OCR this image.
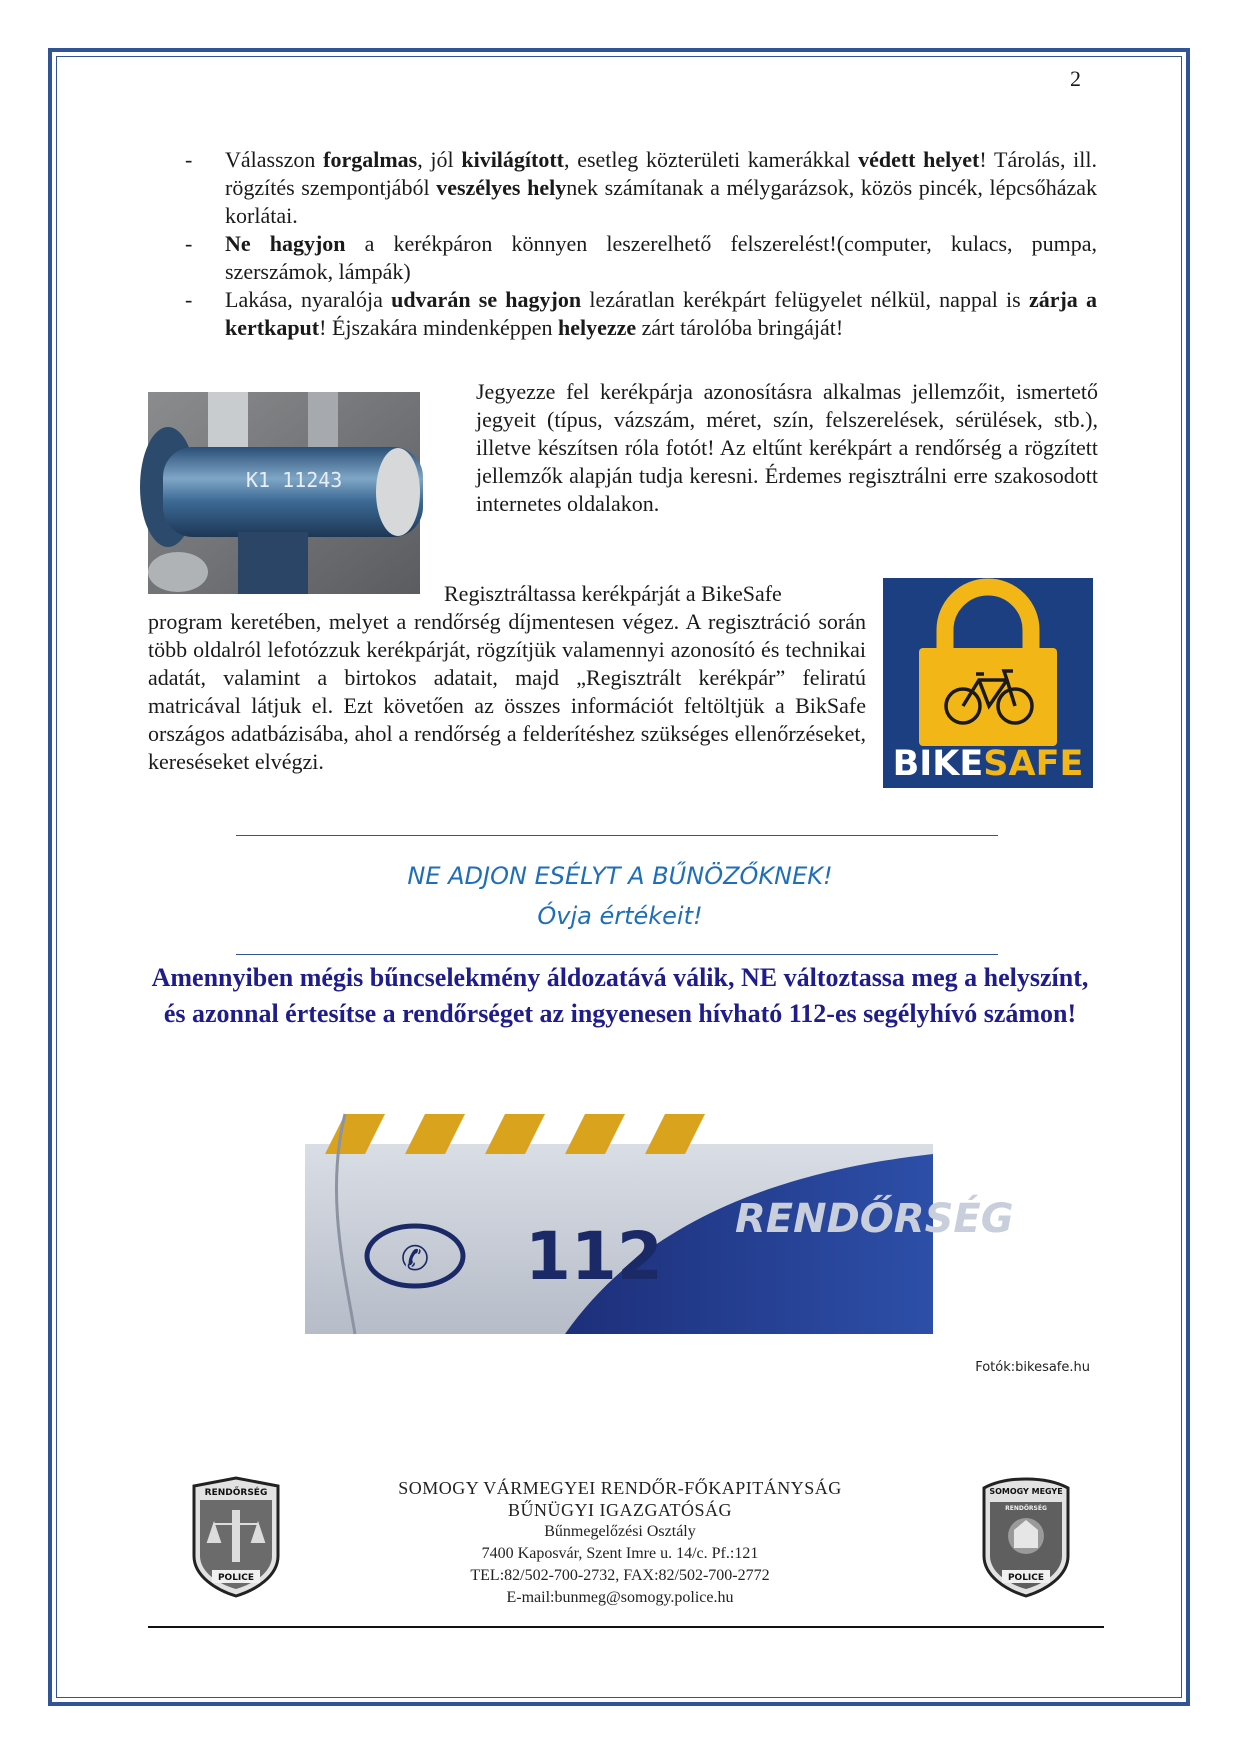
2
- Válasszon forgalmas, jól kivilágított, esetleg közterületi kamerákkal védett helyet! Tárolás, ill. rögzítés szempontjából veszélyes helynek számítanak a mélygarázsok, közös pincék, lépcsőházak korlátai.
- Ne hagyjon a kerékpáron könnyen leszerelhető felszerelést!(computer, kulacs, pumpa, szerszámok, lámpák)
- Lakása, nyaralója udvarán se hagyjon lezáratlan kerékpárt felügyelet nélkül, nappal is zárja a kertkaput! Éjszakára mindenképpen helyezze zárt tárolóba bringáját!
K1 11243

Jegyezze fel kerékpárja azonosításra alkalmas jellemzőit, ismertető jegyeit (típus, vázszám, méret, szín, felszerelések, sérülések, stb.), illetve készítsen róla fotót! Az eltűnt kerékpárt a rendőrség a rögzített jellemzők alapján tudja keresni. Érdemes regisztrálni erre szakosodott internetes oldalakon.

Regisztráltassa kerékpárját a BikeSafe

program keretében, melyet a rendőrség díjmentesen végez. A regisztráció során több oldalról lefotózzuk kerékpárját, rögzítjük valamennyi azonosító és technikai adatát, valamint a birtokos adatait, majd „Regisztrált kerékpár” feliratú matricával látjuk el. Ezt követően az összes információt feltöltjük a BikSafe országos adatbázisába, ahol a rendőrség a felderítéshez szükséges ellenőrzéseket, kereséseket elvégzi.	BIKESAFE
NE ADJON ESÉLYT A BŰNÖZŐKNEK!
Óvja értékeit!
Amennyiben mégis bűncselekmény áldozatává válik, NE változtassa meg a helyszínt, és azonnal értesítse a rendőrséget az ingyenesen hívható 112-es segélyhívó számon!
✆ 112 RENDŐRSÉG
Fotók:bikesafe.hu
RENDŐRSÉG
POLICE
SOMOGY MEGYE
RENDŐRSÉG
POLICE
SOMOGY VÁRMEGYEI RENDŐR-FŐKAPITÁNYSÁG
BŰNÜGYI IGAZGATÓSÁG
Bűnmegelőzési Osztály
7400 Kaposvár, Szent Imre u. 14/c. Pf.:121
TEL:82/502-700-2732, FAX:82/502-700-2772
E-mail:bunmeg@somogy.police.hu
